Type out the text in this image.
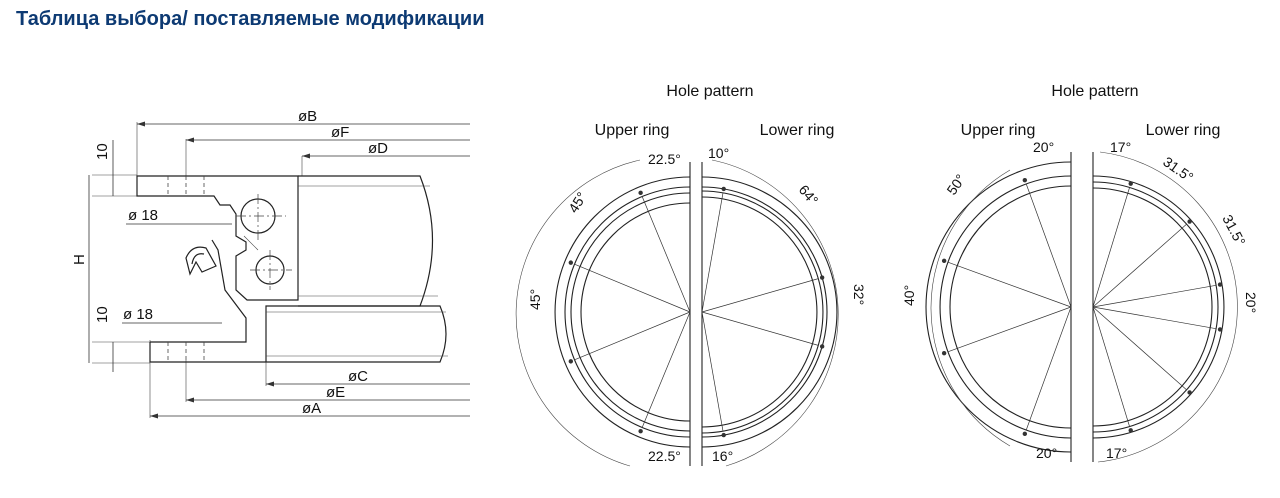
Таблица выбора/ поставляемые модификации
øB
øF
øD
øC
øE
øA
10
H
10
ø 18
ø 18
Hole pattern
Upper ring	Lower ring
22.5°
45°
45°
22.5°
10°
64°
32°
16°
Hole pattern
Upper ring	Lower ring
20°
50°
40°
20°
17°
31.5°
31.5°
20°
17°
